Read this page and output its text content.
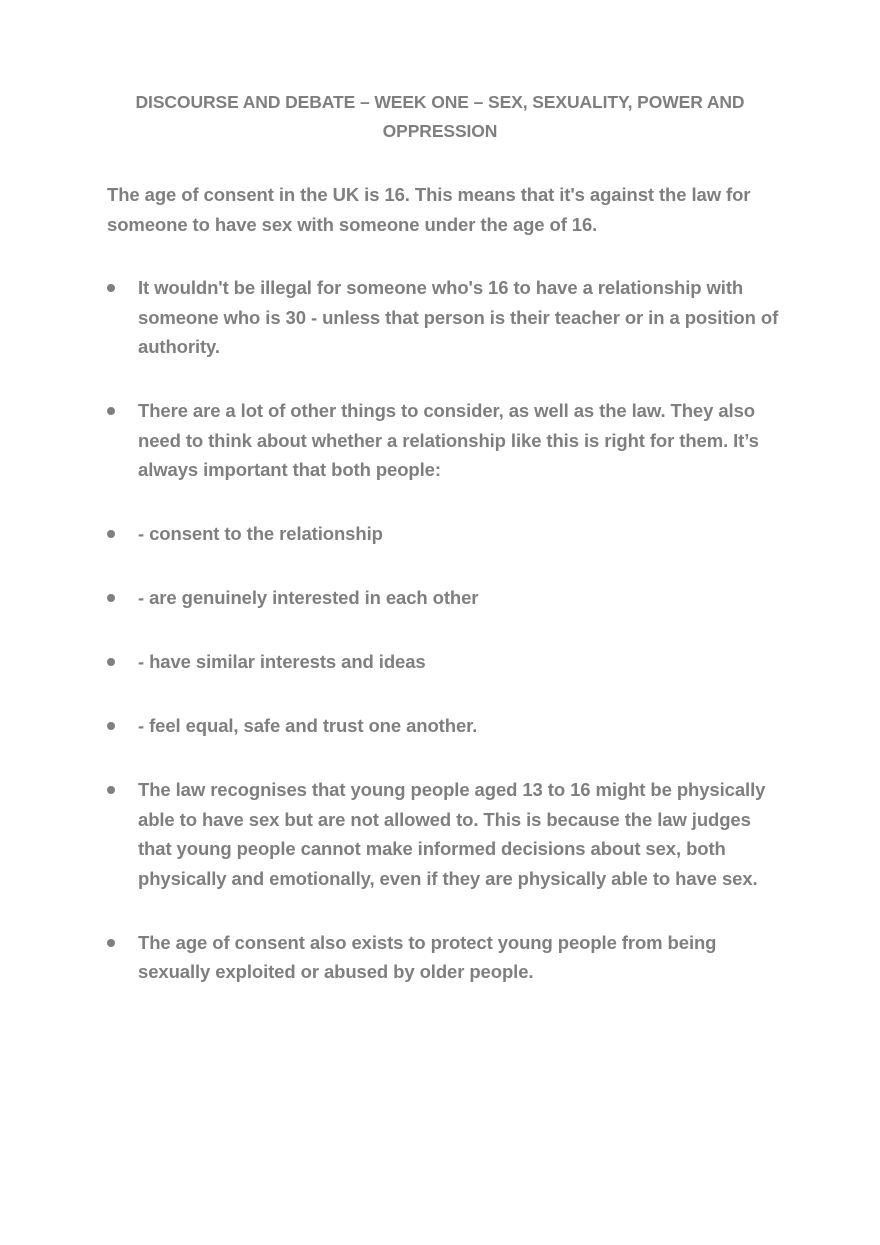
DISCOURSE AND DEBATE – WEEK ONE – SEX, SEXUALITY, POWER AND OPPRESSION

The age of consent in the UK is 16. This means that it's against the law for someone to have sex with someone under the age of 16.

It wouldn't be illegal for someone who's 16 to have a relationship with someone who is 30 - unless that person is their teacher or in a position of authority.
There are a lot of other things to consider, as well as the law. They also need to think about whether a relationship like this is right for them. It’s always important that both people:
- consent to the relationship
- are genuinely interested in each other
- have similar interests and ideas
- feel equal, safe and trust one another.
The law recognises that young people aged 13 to 16 might be physically able to have sex but are not allowed to. This is because the law judges that young people cannot make informed decisions about sex, both physically and emotionally, even if they are physically able to have sex.
The age of consent also exists to protect young people from being sexually exploited or abused by older people.
